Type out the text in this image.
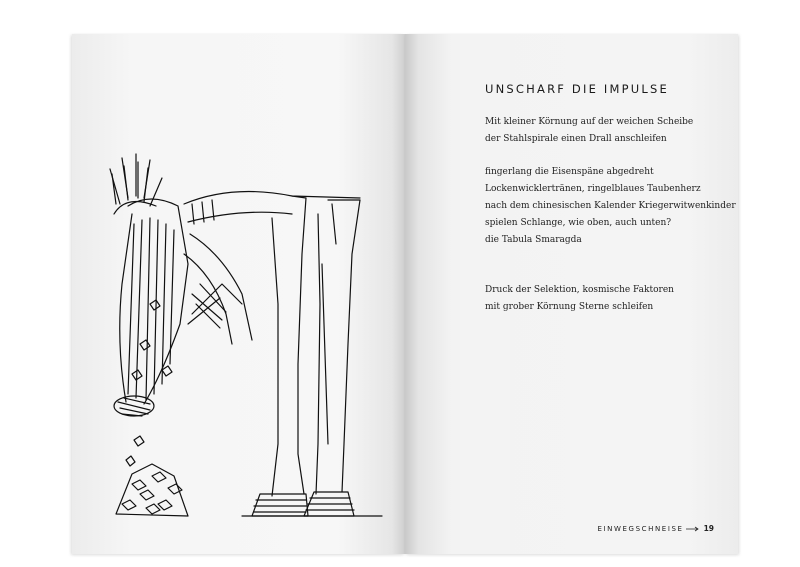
UNSCHARF DIE IMPULSE

Mit kleiner Körnung auf der weichen Scheibe
der Stahlspirale einen Drall anschleifen

fingerlang die Eisenspäne abgedreht
Lockenwicklertränen, ringelblaues Taubenherz
nach dem chinesischen Kalender Kriegerwitwenkinder
spielen Schlange, wie oben, auch unten?
die Tabula Smaragda

Druck der Selektion, kosmische Faktoren
mit grober Körnung Sterne schleifen

EINWEGSCHNEISE	19
